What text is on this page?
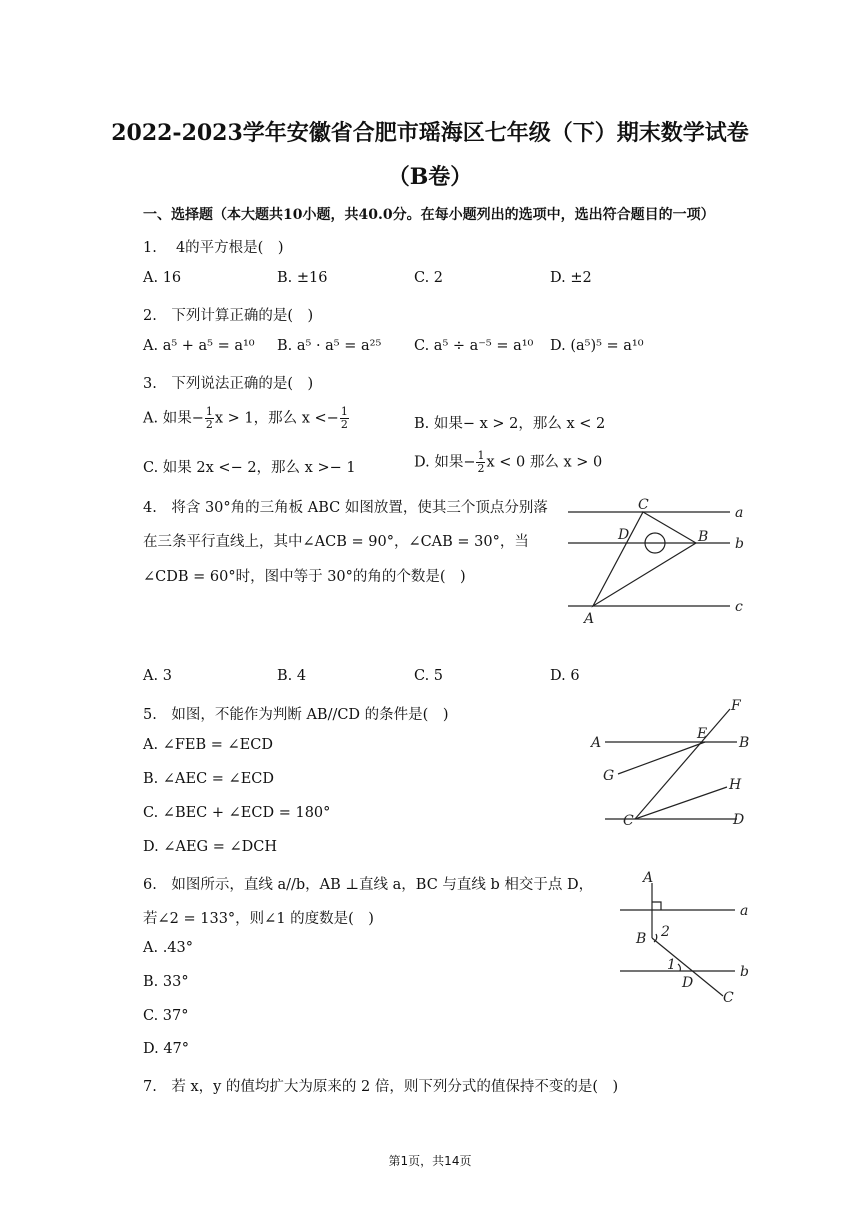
2022-2023学年安徽省合肥市瑶海区七年级（下）期末数学试卷
（B卷）
一、选择题（本大题共10小题，共40.0分。在每小题列出的选项中，选出符合题目的一项）
1.  4的平方根是( )
A. 16	B. ±16	C. 2	D. ±2
2. 下列计算正确的是( )
A. a⁵ + a⁵ = a¹⁰ B. a⁵ · a⁵ = a²⁵ C. a⁵ ÷ a⁻⁵ = a¹⁰ D. (a⁵)⁵ = a¹⁰
3. 下列说法正确的是( )
A. 如果− $\frac{1}{2}$ x > 1，那么 $x <- \frac{1}{2}$	B. 如果− x > 2，那么 x < 2
C. 如果 2x <− 2，那么 x >− 1	D. 如果− $\frac{1}{2}$ x < 0 那么 x > 0
4. 将含 30°角的三角板 ABC 如图放置，使其三个顶点分别落
在三条平行直线上，其中∠ACB = 90°，∠CAB = 30°，当
∠CDB = 60°时，图中等于 30°的角的个数是( )
C
D	B
A
a
b
c
A. 3	B. 4	C. 5	D. 6
5. 如图，不能作为判断 AB//CD 的条件是( )
A. ∠FEB = ∠ECD
B. ∠AEC = ∠ECD
C. ∠BEC + ∠ECD = 180°
D. ∠AEG = ∠DCH
F
A
E
B
G
H
C	D
6. 如图所示，直线 a//b，AB ⊥直线 a，BC 与直线 b 相交于点 D，
若∠2 = 133°，则∠1 的度数是( )
A. .43°
B. 33°
C. 37°
D. 47°
A
a
B 2
1	b
D
C
7. 若 x，y 的值均扩大为原来的 2 倍，则下列分式的值保持不变的是( )
第1页，共14页
